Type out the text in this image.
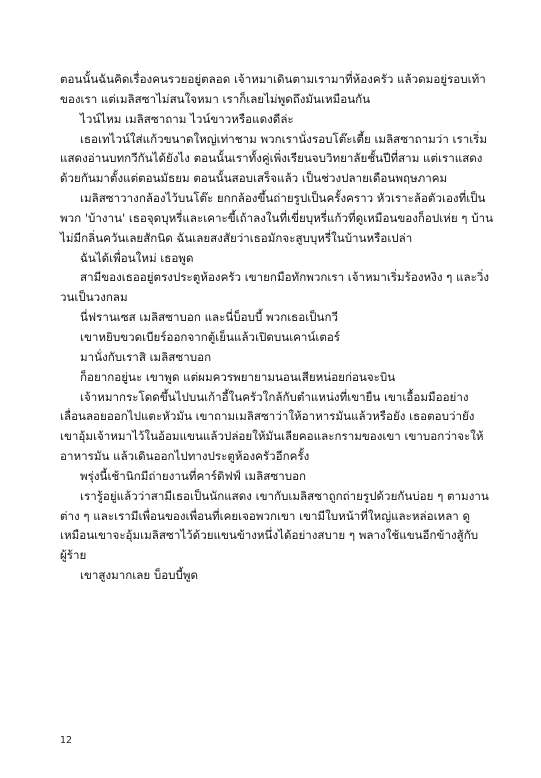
ตอนนั้นฉันคิดเรื่องคนรวยอยู่ตลอด เจ้าหมาเดินตามเรามาที่ห้องครัว แล้วดมอยู่รอบเท้าของเรา แต่เมลิสซาไม่สนใจหมา เราก็เลยไม่พูดถึงมันเหมือนกัน

ไวน์ไหม เมลิสซาถาม ไวน์ขาวหรือแดงดีล่ะ

เธอเทไวน์ใส่แก้วขนาดใหญ่เท่าชาม พวกเรานั่งรอบโต๊ะเตี้ย เมลิสซาถามว่า เราเริ่มแสดงอ่านบทกวีกันได้ยังไง ตอนนั้นเราทั้งคู่เพิ่งเรียนจบวิทยาลัยชั้นปีที่สาม แต่เราแสดงด้วยกันมาตั้งแต่ตอนมัธยม ตอนนั้นสอบเสร็จแล้ว เป็นช่วงปลายเดือนพฤษภาคม

เมลิสซาวางกล้องไว้บนโต๊ะ ยกกล้องขึ้นถ่ายรูปเป็นครั้งคราว หัวเราะล้อตัวเองที่เป็นพวก 'บ้างาน' เธอจุดบุหรี่และเคาะขี้เถ้าลงในที่เขี่ยบุหรี่แก้วที่ดูเหมือนของก็อปเห่ย ๆ บ้านไม่มีกลิ่นควันเลยสักนิด ฉันเลยสงสัยว่าเธอมักจะสูบบุหรี่ในบ้านหรือเปล่า

ฉันได้เพื่อนใหม่ เธอพูด

สามีของเธออยู่ตรงประตูห้องครัว เขายกมือทักพวกเรา เจ้าหมาเริ่มร้องหงิง ๆ และวิ่งวนเป็นวงกลม

นี่ฟรานเซส เมลิสซาบอก และนี่บ็อบบี้ พวกเธอเป็นกวี

เขาหยิบขวดเบียร์ออกจากตู้เย็นแล้วเปิดบนเคาน์เตอร์

มานั่งกับเราสิ เมลิสซาบอก

ก็อยากอยู่นะ เขาพูด แต่ผมควรพยายามนอนเสียหน่อยก่อนจะบิน

เจ้าหมากระโดดขึ้นไปบนเก้าอี้ในครัวใกล้กับตำแหน่งที่เขายืน เขาเอื้อมมืออย่างเลื่อนลอยออกไปแตะหัวมัน เขาถามเมลิสซาว่าให้อาหารมันแล้วหรือยัง เธอตอบว่ายัง เขาอุ้มเจ้าหมาไว้ในอ้อมแขนแล้วปล่อยให้มันเลียคอและกรามของเขา เขาบอกว่าจะให้อาหารมัน แล้วเดินออกไปทางประตูห้องครัวอีกครั้ง

พรุ่งนี้เช้านิกมีถ่ายงานที่คาร์ดิฟฟ์ เมลิสซาบอก

เรารู้อยู่แล้วว่าสามีเธอเป็นนักแสดง เขากับเมลิสซาถูกถ่ายรูปด้วยกันบ่อย ๆ ตามงานต่าง ๆ และเรามีเพื่อนของเพื่อนที่เคยเจอพวกเขา เขามีใบหน้าที่ใหญ่และหล่อเหลา ดูเหมือนเขาจะอุ้มเมลิสซาไว้ด้วยแขนข้างหนึ่งได้อย่างสบาย ๆ พลางใช้แขนอีกข้างสู้กับผู้ร้าย

เขาสูงมากเลย บ็อบบี้พูด

12
